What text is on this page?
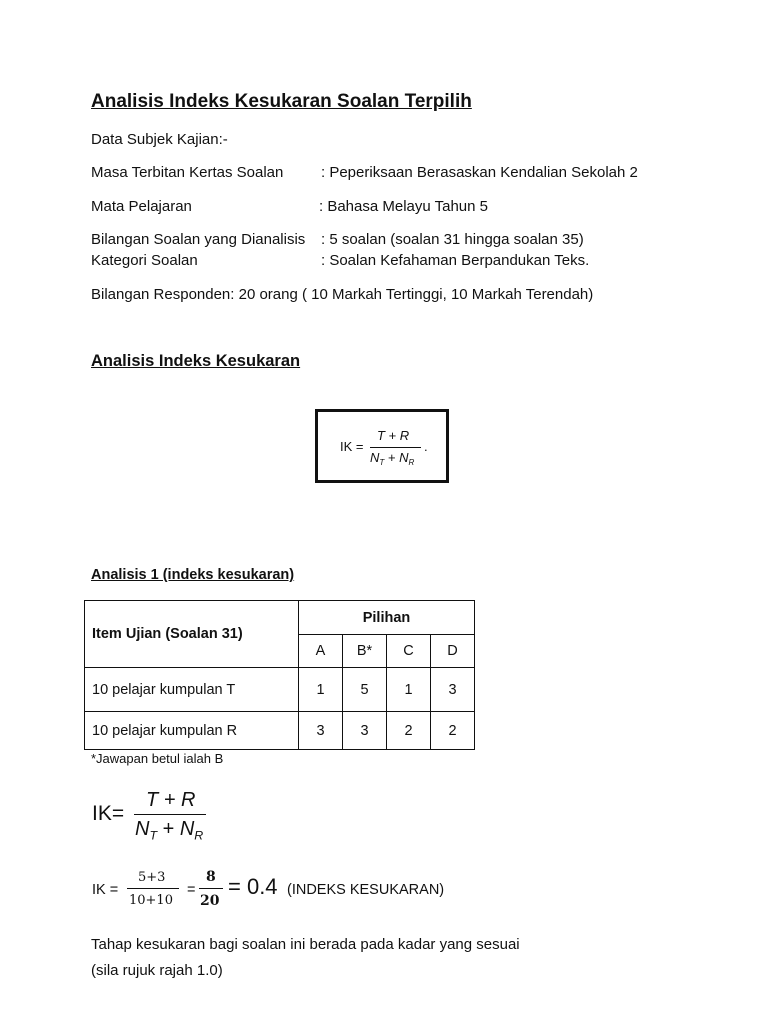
Analisis Indeks Kesukaran Soalan Terpilih
Data Subjek Kajian:-
Masa Terbitan Kertas Soalan	: Peperiksaan Berasaskan Kendalian Sekolah 2
Mata Pelajaran	: Bahasa Melayu Tahun 5
Bilangan Soalan yang Dianalisis : 5 soalan (soalan 31 hingga soalan 35)
Kategori Soalan	: Soalan Kefahaman Berpandukan Teks.
Bilangan Responden: 20 orang ( 10 Markah Tertinggi, 10 Markah Terendah)
Analisis Indeks Kesukaran
IK =
T + R
$N_T + N_R$
.
Analisis 1 (indeks kesukaran)
Item Ujian (Soalan 31)	Pilihan			
	A	B*	C	D
10 pelajar kumpulan T	1	5	1	3
10 pelajar kumpulan R	3	3	2	2
*Jawapan betul ialah B
IK=
T + R
$N_T + N_R$
IK =
5+3
10+10
=
8
20
= 0.4 (INDEKS KESUKARAN)
Tahap kesukaran bagi soalan ini berada pada kadar yang sesuai
(sila rujuk rajah 1.0)
